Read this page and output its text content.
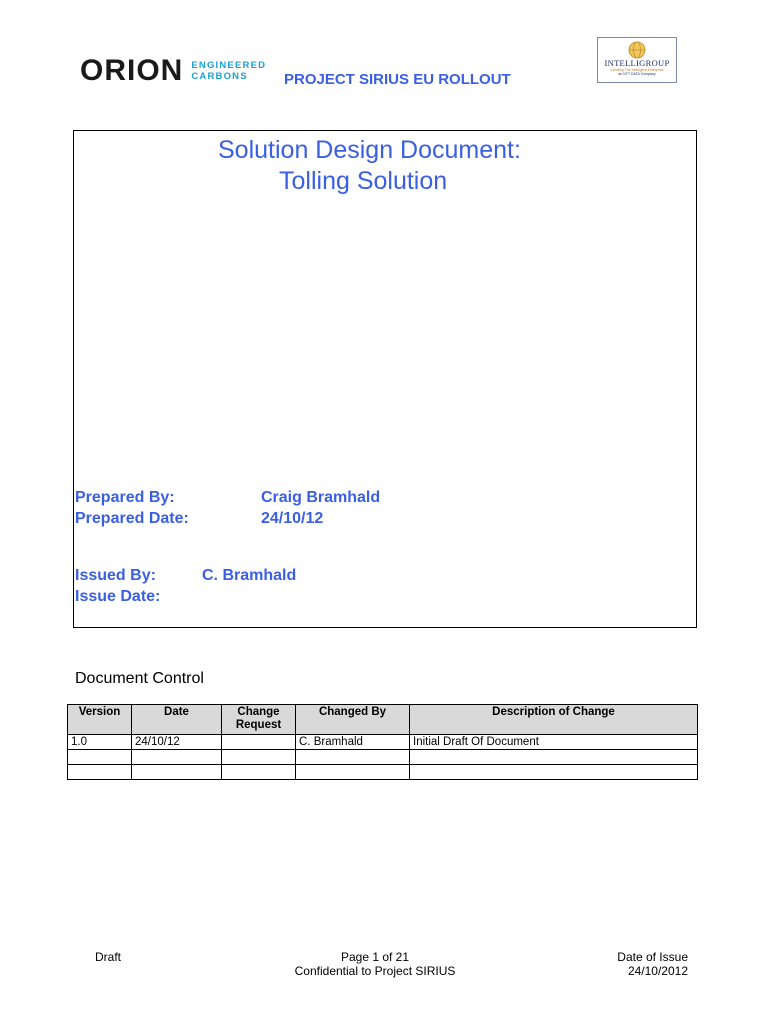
ORION ENGINEERED
CARBONS	PROJECT SIRIUS EU ROLLOUT
INTELLIGROUP
Creating The Intelligent Enterprise
an NTT DATA Company
Solution Design Document:
Tolling Solution
Prepared By:	Craig Bramhald
Prepared Date:	24/10/12
Issued By:	C. Bramhald
Issue Date:
Document Control
Version	Date	Change Request	Changed By	Description of Change
1.0	24/10/12		C. Bramhald	Initial Draft Of Document

Draft	Page 1 of 21
Confidential to Project SIRIUS
Date of Issue
24/10/2012
